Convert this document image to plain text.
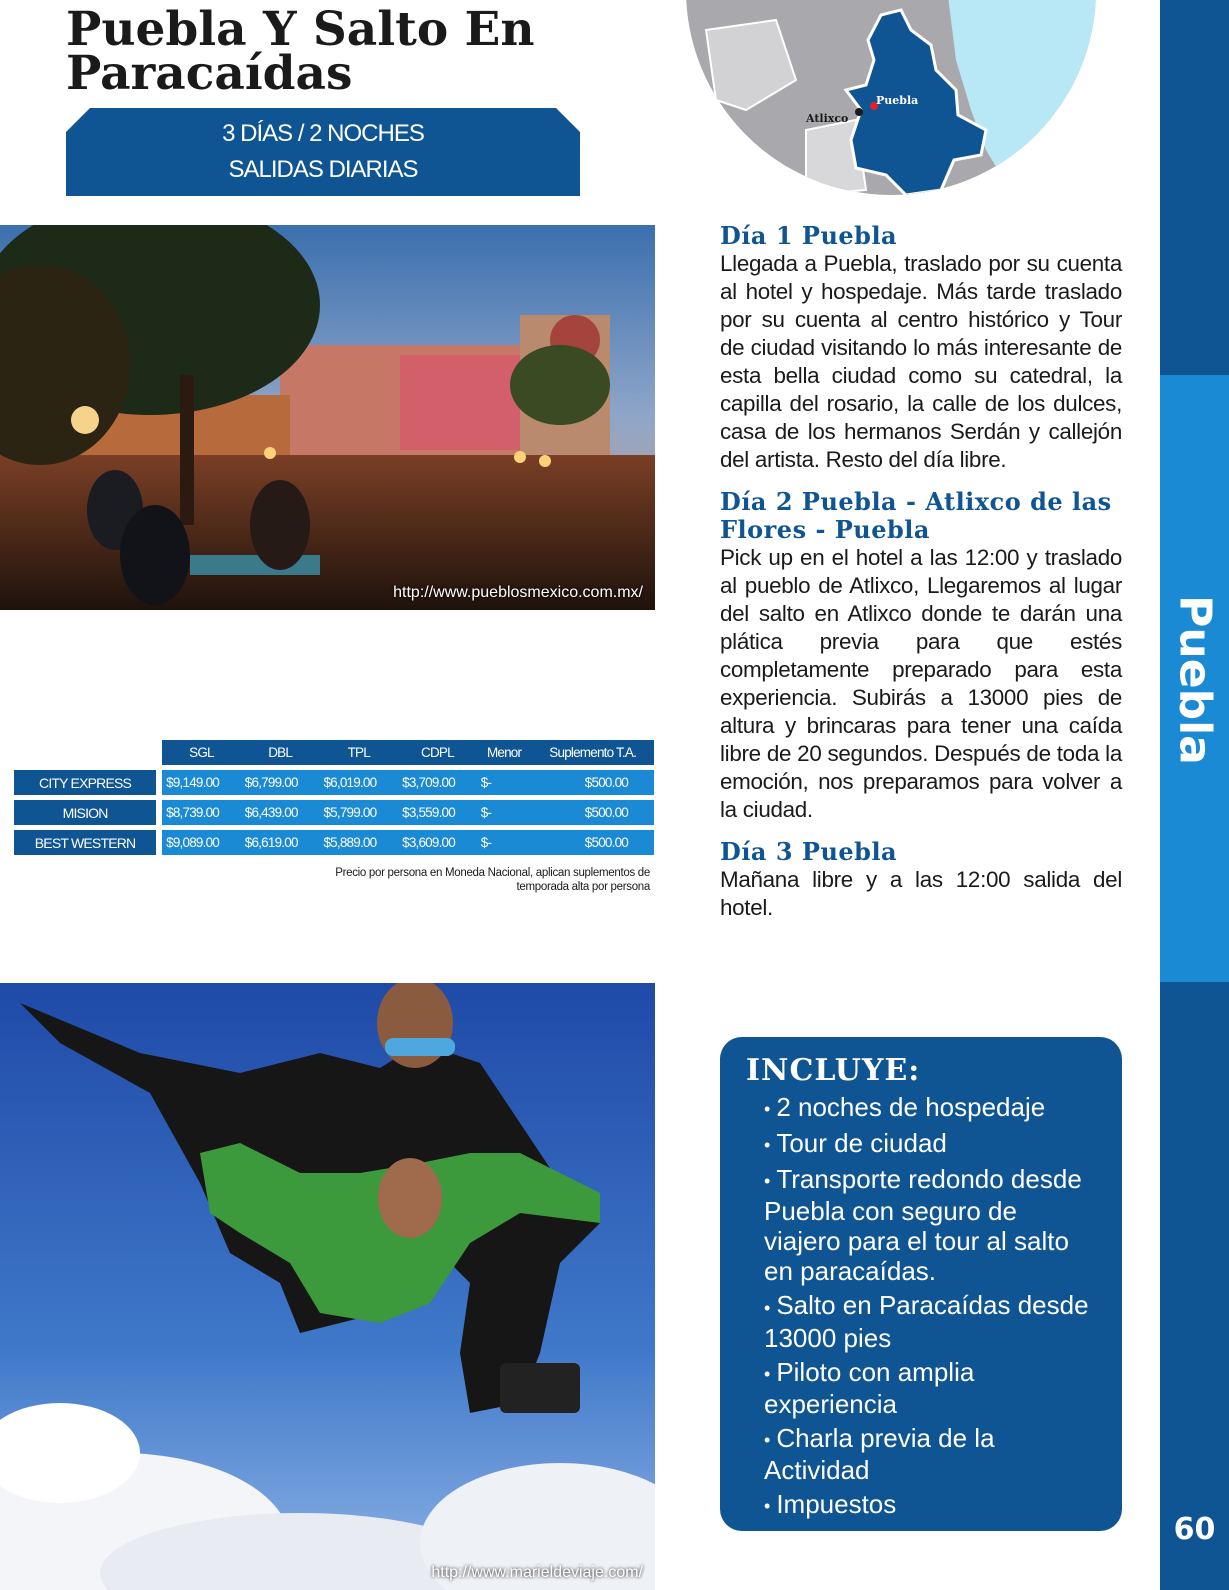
Puebla Y Salto En Paracaídas
3 DÍAS / 2 NOCHES
SALIDAS DIARIAS
Puebla
Atlixco
http://www.pueblosmexico.com.mx/
Día 1 Puebla

Llegada a Puebla, traslado por su cuenta al hotel y hospedaje. Más tarde traslado por su cuenta al centro histórico y Tour de ciudad visitando lo más interesante de esta bella ciudad como su catedral, la capilla del rosario, la calle de los dulces, casa de los hermanos Serdán y callejón del artista. Resto del día libre.

Día 2 Puebla - Atlixco de las Flores - Puebla

Pick up en el hotel a las 12:00 y traslado al pueblo de Atlixco, Llegaremos al lugar del salto en Atlixco donde te darán una plática previa para que estés completamente preparado para esta experiencia. Subirás a 13000 pies de altura y brincaras para tener una caída libre de 20 segundos. Después de toda la emoción, nos preparamos para volver a la ciudad.

Día 3 Puebla

Mañana libre y a las 12:00 salida del hotel.

	SGL	DBL	TPL	CDPL	Menor	Suplemento T.A.
CITY EXPRESS	$9,149.00	$6,799.00	$6,019.00	$3,709.00	$-	$500.00
MISION	$8,739.00	$6,439.00	$5,799.00	$3,559.00	$-	$500.00
BEST WESTERN	$9,089.00	$6,619.00	$5,889.00	$3,609.00	$-	$500.00
Precio por persona en Moneda Nacional, aplican suplementos de temporada alta por persona
http://www.marieldeviaje.com/
INCLUYE:
• 2 noches de hospedaje
• Tour de ciudad
• Transporte redondo desde Puebla con seguro de viajero para el tour al salto en paracaídas.
• Salto en Paracaídas desde 13000 pies
• Piloto con amplia experiencia
• Charla previa de la Actividad
• Impuestos
Puebla
60
